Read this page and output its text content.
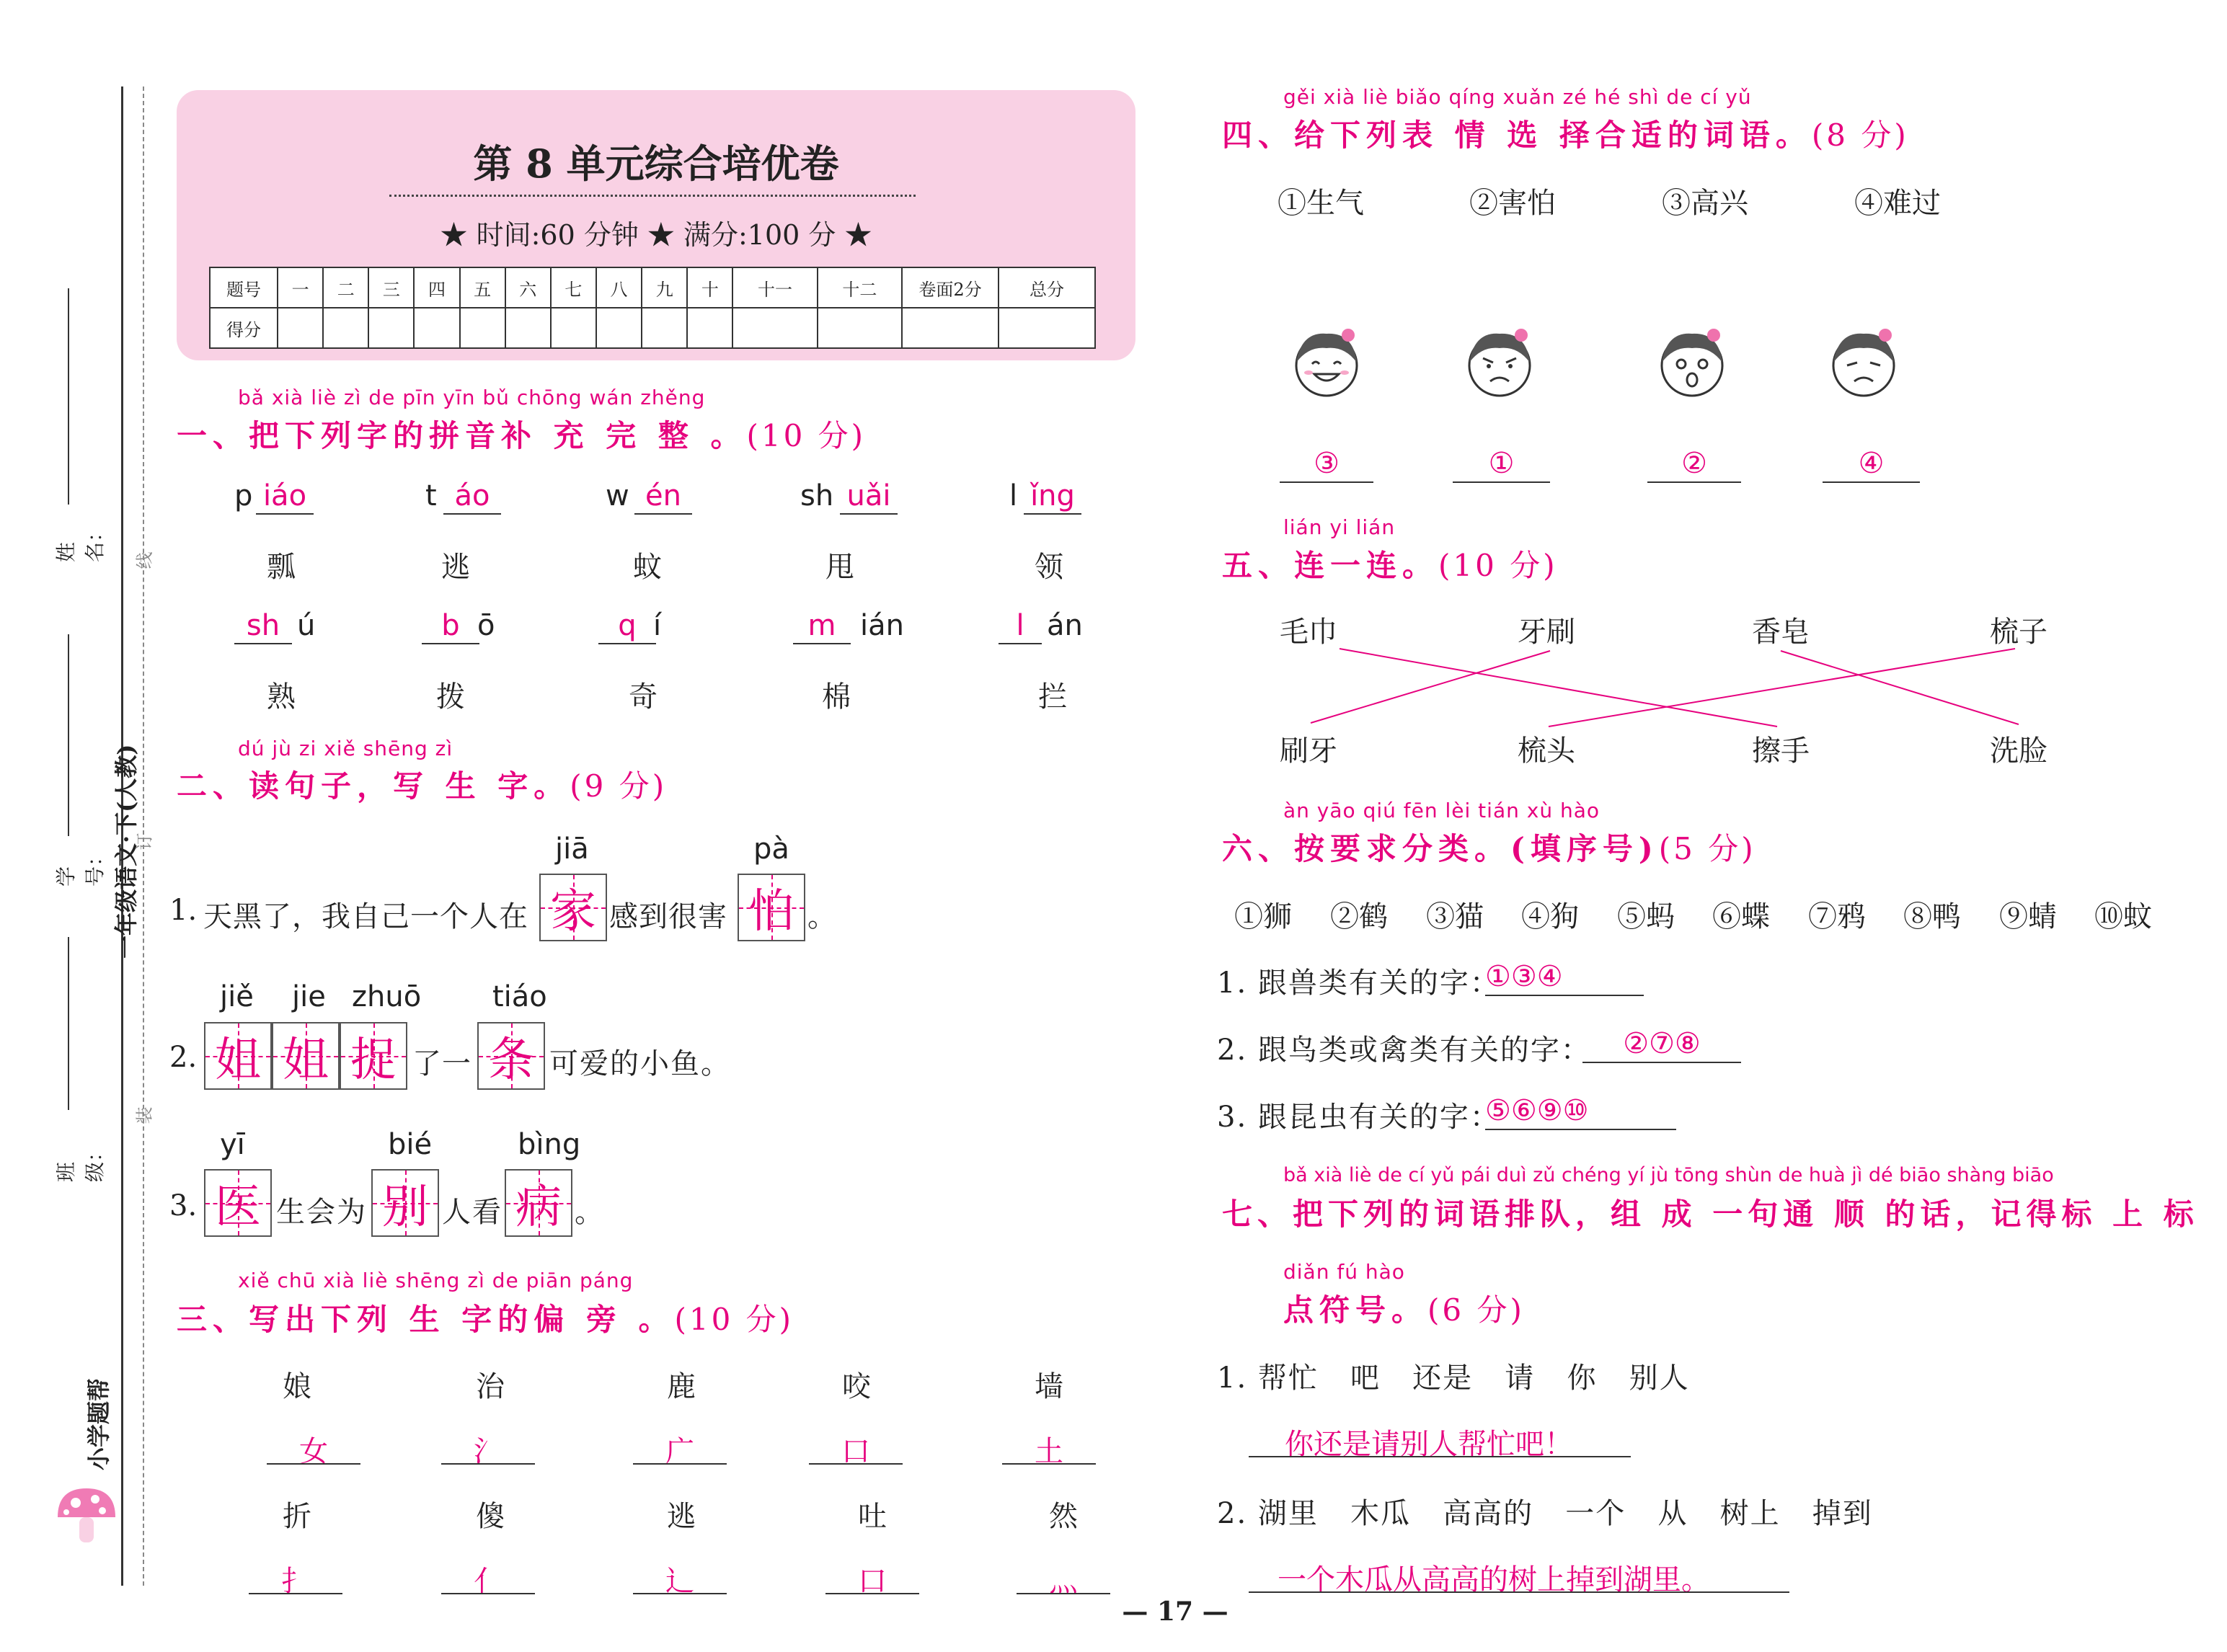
姓名： 线
学号：
订
一年级语文·下(人教)
班级：
装
小学题帮
第 8 单元综合培优卷
★ 时间:60 分钟 ★ 满分:100 分 ★
题号	一	二	三	四	五	六	七	八	九	十	十一	十二	卷面2分	总分
得分														
bǎ xià liè zì de pīn yīn bǔ chōng wán zhěng
一、把下列字的拼音补 充 完 整 。(10 分)
p iáo
瓢
t áo
逃
w én
蚊
sh uǎi
甩
l ǐng
领
sh ú
熟
b ō
拨
q í
奇
m ián
棉
l án
拦
dú jù zi xiě shēng zì
二、读句子，写 生 字。(9 分)
jiā	pà
1. 天黑了，我自己一个人在 家 感到很害 怕 。
jiě jie zhuō tiáo
2. 姐 姐 捉 了一 条 可爱的小鱼。
yī	bié	bìng
3. 医 生会为 别 人看 病 。
xiě chū xià liè shēng zì de piān páng
三、写出下列 生 字的偏 旁 。(10 分)
娘	治	鹿	咬	墙
女	氵	广	口	土
折	傻	逃	吐	然
扌	亻	辶	口	灬
gěi xià liè biǎo qíng xuǎn zé hé shì de cí yǔ
四、给下列表 情 选 择合适的词语。(8 分)
①生气	②害怕	③高兴	④难过
③	①	②	④
lián yi lián
五、连一连。(10 分)
毛巾	牙刷	香皂	梳子
刷牙	梳头	擦手	洗脸
àn yāo qiú fēn lèi tián xù hào
六、按要求分类。(填序号)(5 分)
①狮 ②鹤 ③猫 ④狗 ⑤蚂 ⑥蝶 ⑦鸦 ⑧鸭 ⑨蜻 ⑩蚊
1. 跟兽类有关的字：
①③④
2. 跟鸟类或禽类有关的字：	②⑦⑧
3. 跟昆虫有关的字：
⑤⑥⑨⑩
bǎ xià liè de cí yǔ pái duì zǔ chéng yí jù tōng shùn de huà jì dé biāo shàng biāo
七、把下列的词语排队，组 成 一句通 顺 的话，记得标 上 标
diǎn fú hào
点符号。(6 分)
1. 帮忙   吧   还是   请   你   别人
你还是请别人帮忙吧！
2. 湖里   木瓜   高高的   一个   从   树上   掉到
一个木瓜从高高的树上掉到湖里。
— 17 —
